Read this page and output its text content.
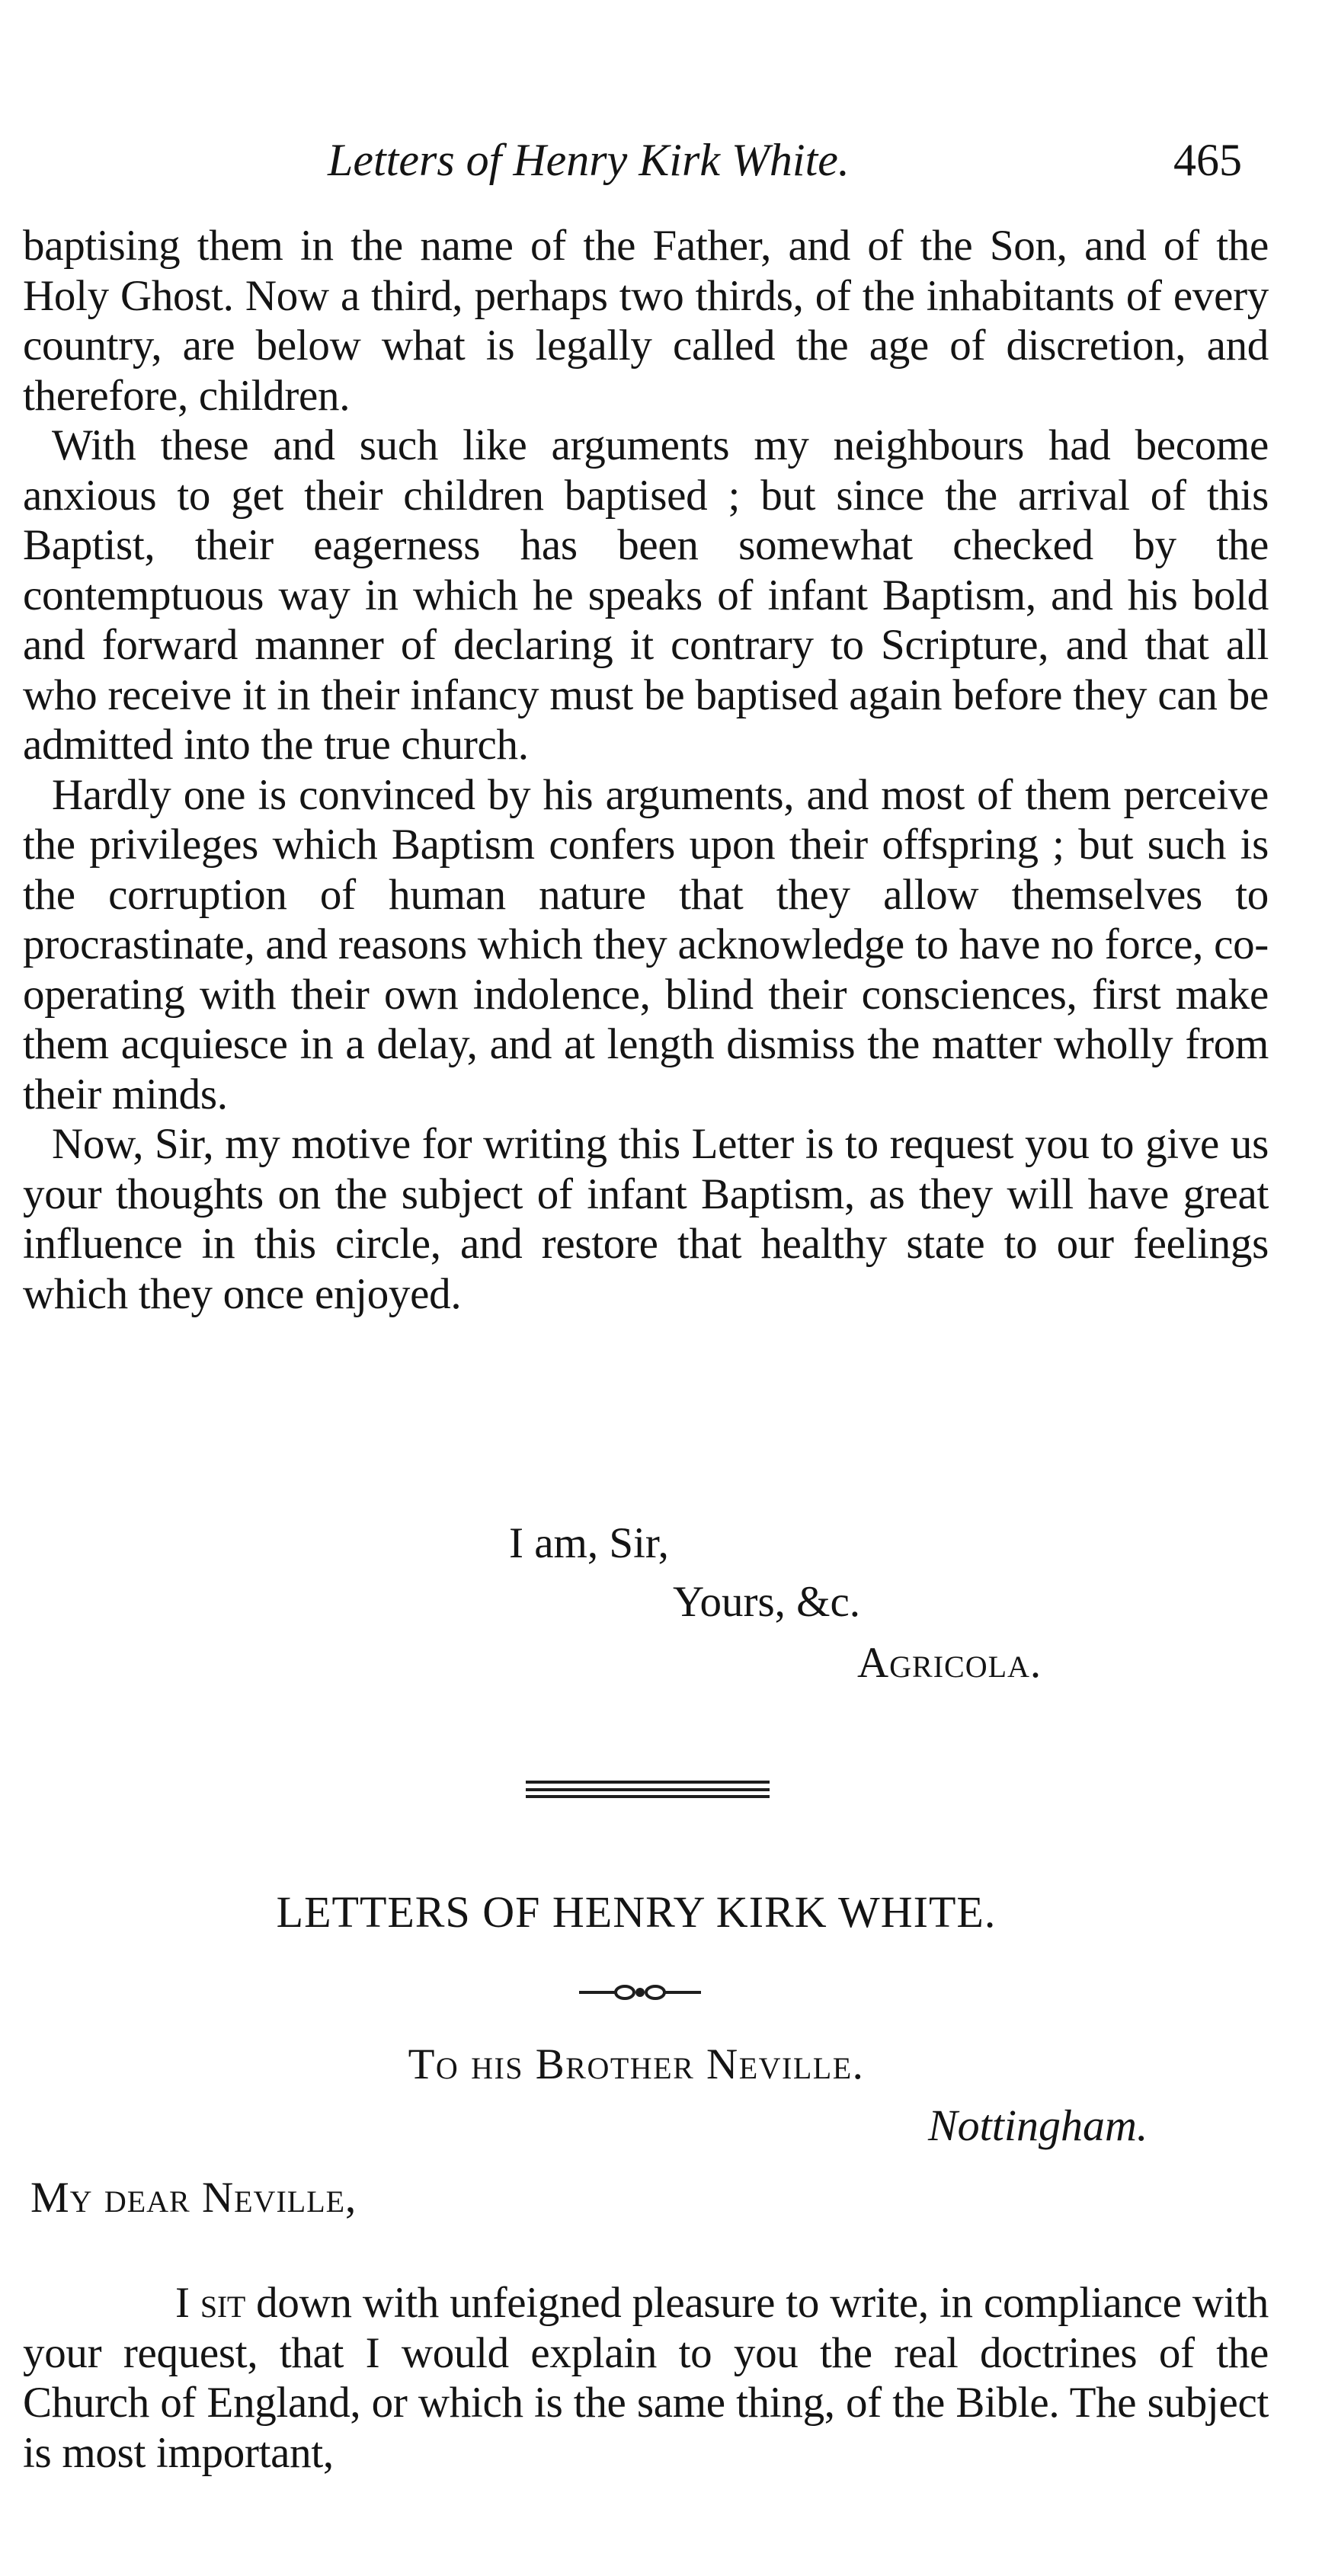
Letters of Henry Kirk White.	465

baptising them in the name of the Father, and of the Son, and of the Holy Ghost. Now a third, perhaps two thirds, of the inhabitants of every country, are below what is legally called the age of discretion, and therefore, children.

With these and such like arguments my neighbours had become anxious to get their children baptised ; but since the arrival of this Baptist, their eagerness has been somewhat checked by the contemptuous way in which he speaks of infant Baptism, and his bold and forward manner of declaring it contrary to Scripture, and that all who receive it in their infancy must be baptised again before they can be admitted into the true church.

Hardly one is convinced by his arguments, and most of them perceive the privileges which Baptism confers upon their offspring ; but such is the corruption of human nature that they allow themselves to procrastinate, and reasons which they acknowledge to have no force, co-operating with their own indolence, blind their consciences, first make them acquiesce in a delay, and at length dismiss the matter wholly from their minds.

Now, Sir, my motive for writing this Letter is to request you to give us your thoughts on the subject of infant Baptism, as they will have great influence in this circle, and restore that healthy state to our feelings which they once enjoyed.

I am, Sir,
Yours, &c.
Agricola.
LETTERS OF HENRY KIRK WHITE.
To his Brother Neville.
Nottingham.
My dear Neville,

I sit down with unfeigned pleasure to write, in compliance with your request, that I would explain to you the real doctrines of the Church of England, or which is the same thing, of the Bible. The subject is most important,
